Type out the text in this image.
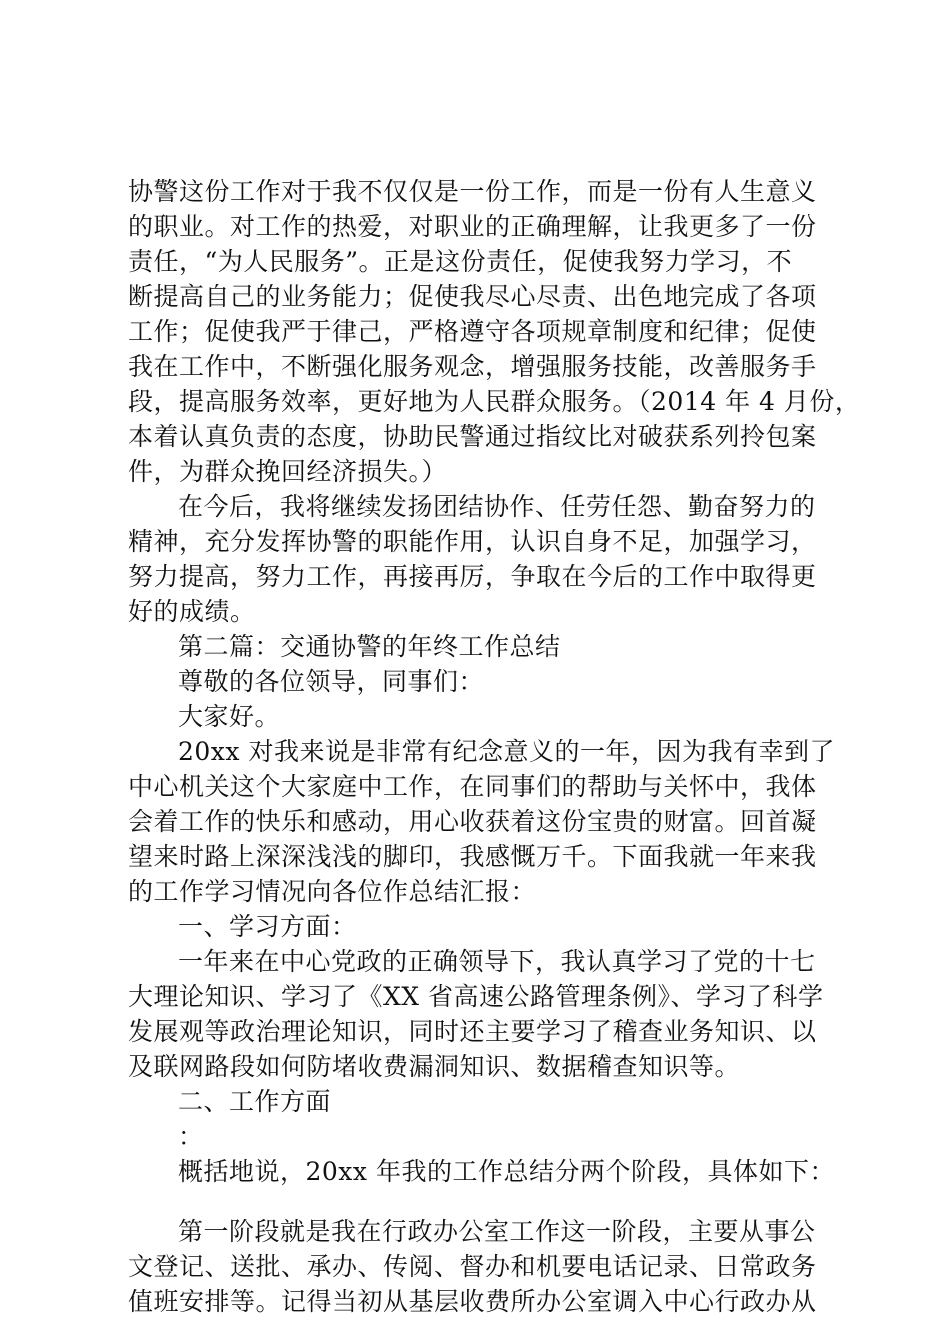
协警这份工作对于我不仅仅是一份工作，而是一份有人生意义
的职业。对工作的热爱，对职业的正确理解，让我更多了一份
责任，“为人民服务”。正是这份责任，促使我努力学习，不
断提高自己的业务能力；促使我尽心尽责、出色地完成了各项
工作；促使我严于律己，严格遵守各项规章制度和纪律；促使
我在工作中，不断强化服务观念，增强服务技能，改善服务手
段，提高服务效率，更好地为人民群众服务。（2014 年 4 月份，
本着认真负责的态度，协助民警通过指纹比对破获系列拎包案
件，为群众挽回经济损失。）
在今后，我将继续发扬团结协作、任劳任怨、勤奋努力的
精神，充分发挥协警的职能作用，认识自身不足，加强学习，
努力提高，努力工作，再接再厉，争取在今后的工作中取得更
好的成绩。
第二篇：交通协警的年终工作总结
尊敬的各位领导，同事们：
大家好。
20xx 对我来说是非常有纪念意义的一年，因为我有幸到了
中心机关这个大家庭中工作，在同事们的帮助与关怀中，我体
会着工作的快乐和感动，用心收获着这份宝贵的财富。回首凝
望来时路上深深浅浅的脚印，我感慨万千。下面我就一年来我
的工作学习情况向各位作总结汇报：
一、学习方面：
一年来在中心党政的正确领导下，我认真学习了党的十七
大理论知识、学习了《XX 省高速公路管理条例》、学习了科学
发展观等政治理论知识，同时还主要学习了稽查业务知识、以
及联网路段如何防堵收费漏洞知识、数据稽查知识等。
二、工作方面
：
概括地说，20xx 年我的工作总结分两个阶段，具体如下：
第一阶段就是我在行政办公室工作这一阶段，主要从事公
文登记、送批、承办、传阅、督办和机要电话记录、日常政务
值班安排等。记得当初从基层收费所办公室调入中心行政办从
